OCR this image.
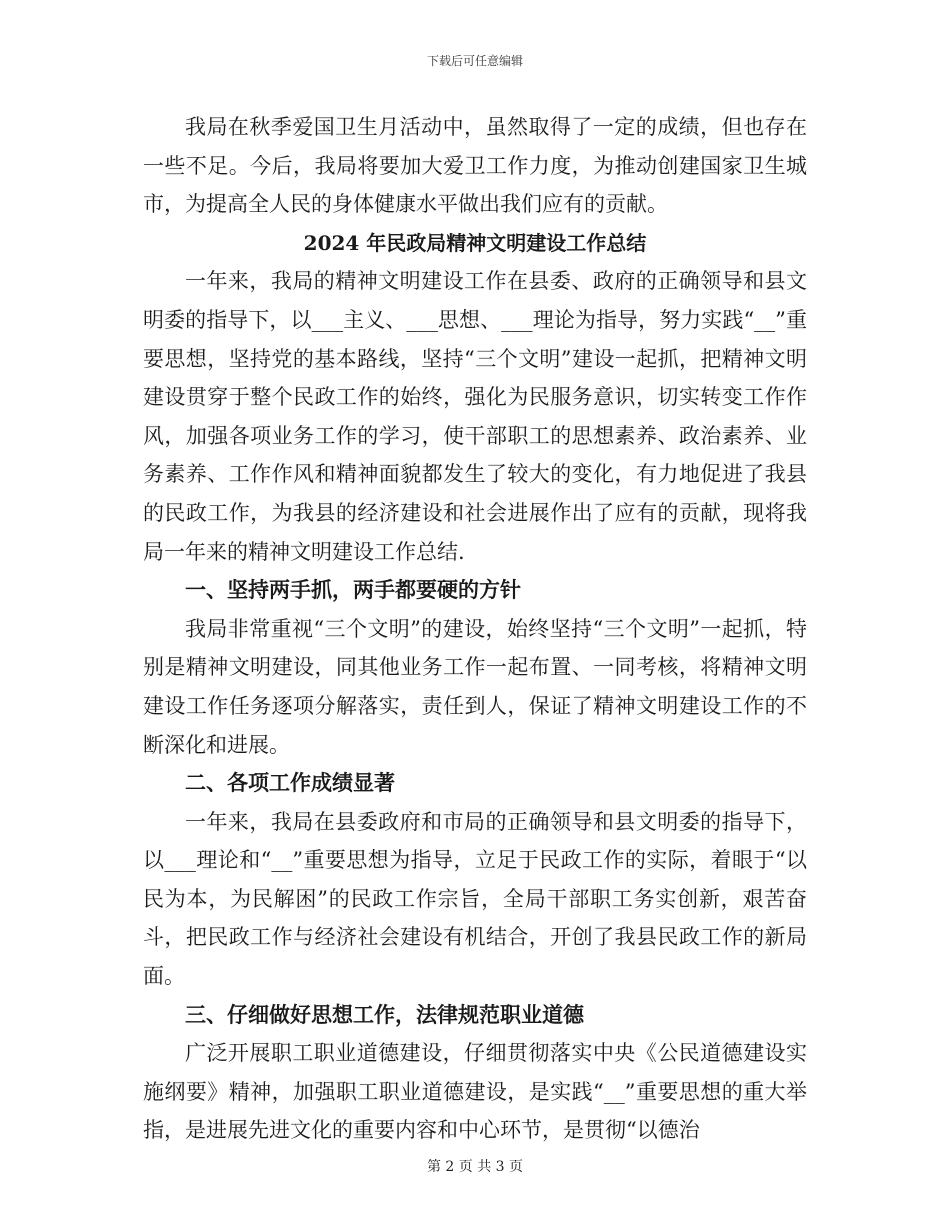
下载后可任意编辑

我局在秋季爱国卫生月活动中，虽然取得了一定的成绩，但也存在一些不足。今后，我局将要加大爱卫工作力度，为推动创建国家卫生城市，为提高全人民的身体健康水平做出我们应有的贡献。

2024 年民政局精神文明建设工作总结

一年来，我局的精神文明建设工作在县委、政府的正确领导和县文明委的指导下，以___主义、___思想、___理论为指导，努力实践“__”重要思想，坚持党的基本路线，坚持“三个文明”建设一起抓，把精神文明建设贯穿于整个民政工作的始终，强化为民服务意识，切实转变工作作风，加强各项业务工作的学习，使干部职工的思想素养、政治素养、业务素养、工作作风和精神面貌都发生了较大的变化，有力地促进了我县的民政工作，为我县的经济建设和社会进展作出了应有的贡献，现将我局一年来的精神文明建设工作总结.

一、坚持两手抓，两手都要硬的方针

我局非常重视“三个文明”的建设，始终坚持“三个文明”一起抓，特别是精神文明建设，同其他业务工作一起布置、一同考核，将精神文明建设工作任务逐项分解落实，责任到人，保证了精神文明建设工作的不断深化和进展。

二、各项工作成绩显著

一年来，我局在县委政府和市局的正确领导和县文明委的指导下，以___理论和“__”重要思想为指导，立足于民政工作的实际，着眼于“以民为本，为民解困”的民政工作宗旨，全局干部职工务实创新，艰苦奋斗，把民政工作与经济社会建设有机结合，开创了我县民政工作的新局面。

三、仔细做好思想工作，法律规范职业道德

广泛开展职工职业道德建设，仔细贯彻落实中央《公民道德建设实施纲要》精神，加强职工职业道德建设，是实践“__”重要思想的重大举指，是进展先进文化的重要内容和中心环节，是贯彻“以德治

第 2 页 共 3 页
